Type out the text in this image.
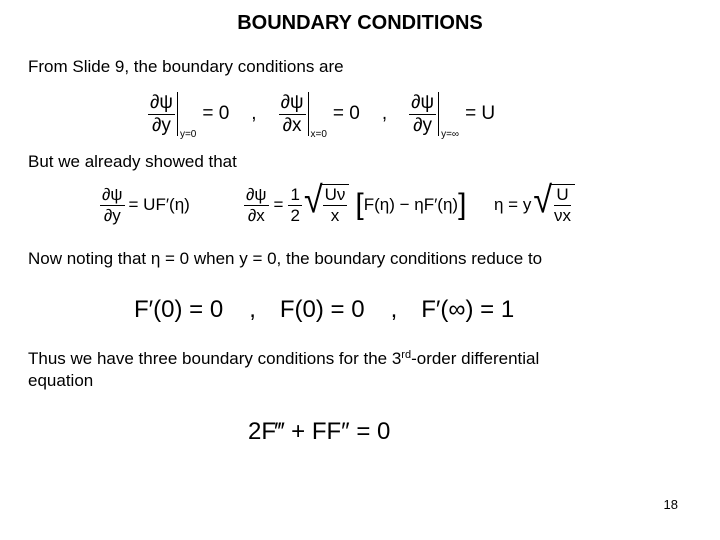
BOUNDARY CONDITIONS
From Slide 9, the boundary conditions are
$\frac{\partial\psi}{\partial y} y=0$
= 0 , $\frac{\partial\psi}{\partial x} x=0$
= 0 , $\frac{\partial\psi}{\partial y} y=\infty$
= U
But we already showed that
$\frac{\partial\psi}{\partial y} = UF'(\eta)$	$\frac{\partial\psi}{\partial x} = \frac{1}{2}$ √ $\frac{U\nu}{x}$ [ F(η) − ηF′(η) ] η = y √ $\frac{U}{\nu x}$
Now noting that η = 0 when y = 0, the boundary conditions reduce to
F′(0) = 0 , F(0) = 0 , F′(∞) = 1
Thus we have three boundary conditions for the 3rd-order differential
equation
2F‴ + FF″ = 0
18
